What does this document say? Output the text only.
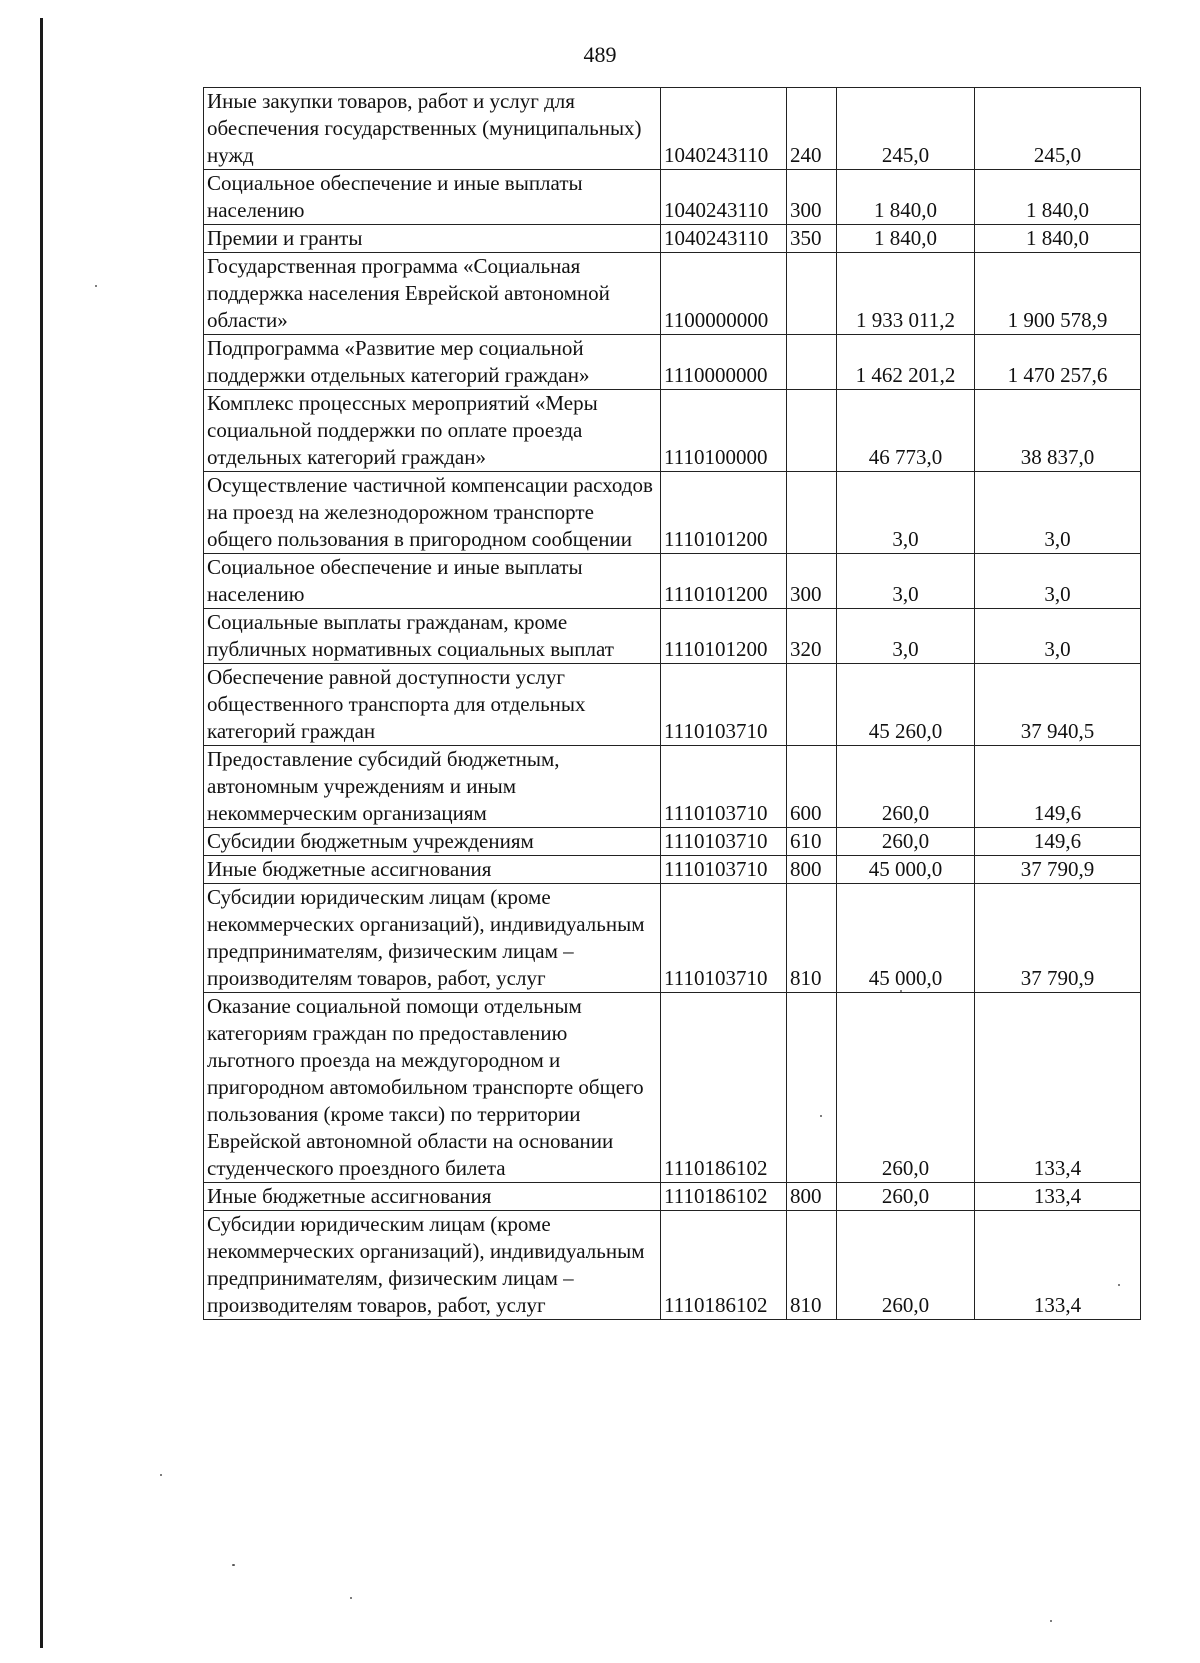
489
Иные закупки товаров, работ и услуг для обеспечения государственных (муниципальных) нужд	1040243110	240	245,0	245,0
Социальное обеспечение и иные выплаты населению	1040243110	300	1 840,0	1 840,0
Премии и гранты	1040243110	350	1 840,0	1 840,0
Государственная программа «Социальная поддержка населения Еврейской автономной области»	1100000000		1 933 011,2	1 900 578,9
Подпрограмма «Развитие мер социальной поддержки отдельных категорий граждан»	1110000000		1 462 201,2	1 470 257,6
Комплекс процессных мероприятий «Меры социальной поддержки по оплате проезда отдельных категорий граждан»	1110100000		46 773,0	38 837,0
Осуществление частичной компенсации расходов на проезд на железнодорожном транспорте общего пользования в пригородном сообщении	1110101200		3,0	3,0
Социальное обеспечение и иные выплаты населению	1110101200	300	3,0	3,0
Социальные выплаты гражданам, кроме публичных нормативных социальных выплат	1110101200	320	3,0	3,0
Обеспечение равной доступности услуг общественного транспорта для отдельных категорий граждан	1110103710		45 260,0	37 940,5
Предоставление субсидий бюджетным, автономным учреждениям и иным некоммерческим организациям	1110103710	600	260,0	149,6
Субсидии бюджетным учреждениям	1110103710	610	260,0	149,6
Иные бюджетные ассигнования	1110103710	800	45 000,0	37 790,9
Субсидии юридическим лицам (кроме некоммерческих организаций), индивидуальным предпринимателям, физическим лицам – производителям товаров, работ, услуг	1110103710	810	45 000,0	37 790,9
Оказание социальной помощи отдельным категориям граждан по предоставлению льготного проезда на междугородном и пригородном автомобильном транспорте общего пользования (кроме такси) по территории Еврейской автономной области на основании студенческого проездного билета	1110186102		260,0	133,4
Иные бюджетные ассигнования	1110186102	800	260,0	133,4
Субсидии юридическим лицам (кроме некоммерческих организаций), индивидуальным предпринимателям, физическим лицам – производителям товаров, работ, услуг	1110186102	810	260,0	133,4
